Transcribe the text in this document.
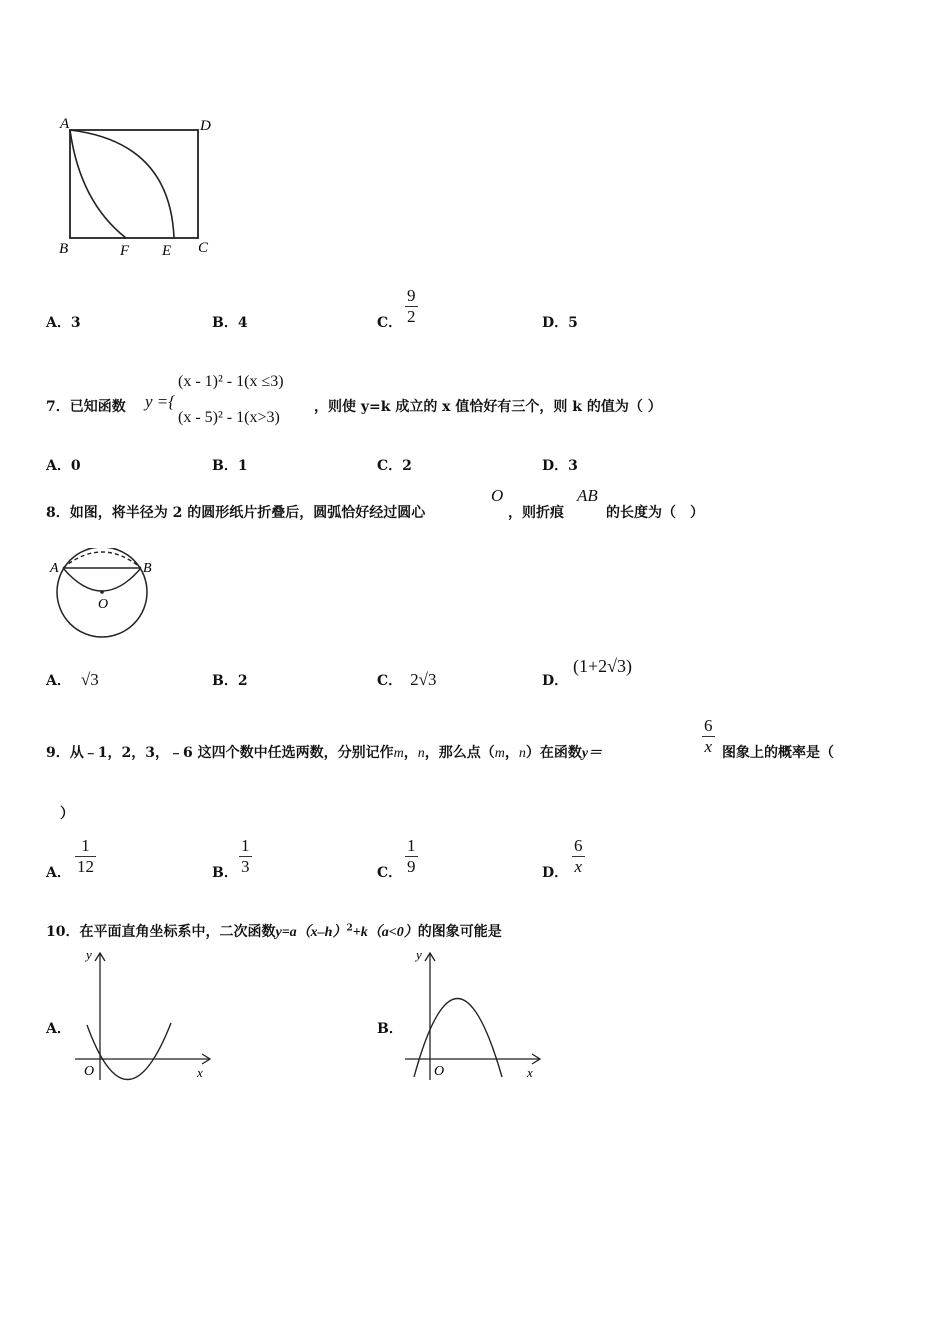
A	D
B	F E C
A．3	B．4	C． $\frac{9}{2}$	D．5
7．已知函数 y ={
(x - 1)² - 1(x ≤3)
(x - 5)² - 1(x>3)
，则使 y=k 成立的 x 值恰好有三个，则 k 的值为（ ）
A．0	B．1	C．2	D．3
8．如图，将半径为 2 的圆形纸片折叠后，圆弧恰好经过圆心
O
，则折痕
AB
的长度为（　）
A	B
O
A． √3	B．2	C． 2√3	D．
(1+2√3)
9．从﹣1，2，3，﹣6 这四个数中任选两数，分别记作m，n，那么点（m，n）在函数y＝	$\frac{6}{x}$ 图象上的概率是（
）
A． $\frac{1}{12}$	B． $\frac{1}{3}$	C． $\frac{1}{9}$	D． $\frac{6}{x}$
10．在平面直角坐标系中，二次函数$y=a(x-h)^2+k(a<0)$的图象可能是
A．
y
O	x
B．
y
O	x
